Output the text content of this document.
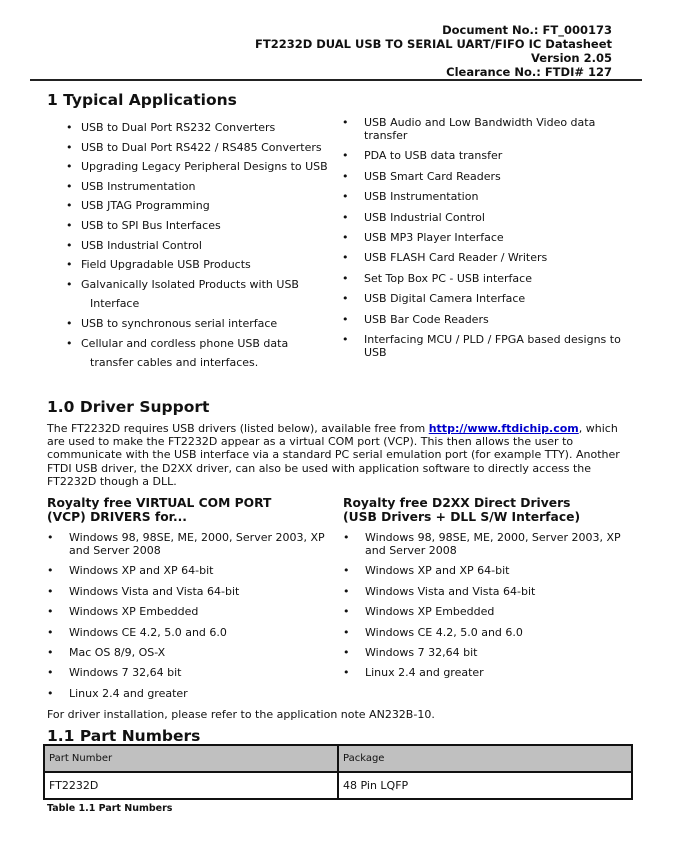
Document No.: FT_000173
FT2232D DUAL USB TO SERIAL UART/FIFO IC Datasheet
Version 2.05
Clearance No.: FTDI# 127
1 Typical Applications
• USB to Dual Port RS232 Converters
• USB to Dual Port RS422 / RS485 Converters
• Upgrading Legacy Peripheral Designs to USB
• USB Instrumentation
• USB JTAG Programming
• USB to SPI Bus Interfaces
• USB Industrial Control
• Field Upgradable USB Products
• Galvanically Isolated Products with USB
Interface
• USB to synchronous serial interface
• Cellular and cordless phone USB data
transfer cables and interfaces.
• USB Audio and Low Bandwidth Video data transfer
• PDA to USB data transfer
• USB Smart Card Readers
• USB Instrumentation
• USB Industrial Control
• USB MP3 Player Interface
• USB FLASH Card Reader / Writers
• Set Top Box PC - USB interface
• USB Digital Camera Interface
• USB Bar Code Readers
• Interfacing MCU / PLD / FPGA based designs to USB
1.0 Driver Support
The FT2232D requires USB drivers (listed below), available free from http://www.ftdichip.com, which are used to make the FT2232D appear as a virtual COM port (VCP). This then allows the user to communicate with the USB interface via a standard PC serial emulation port (for example TTY). Another FTDI USB driver, the D2XX driver, can also be used with application software to directly access the FT2232D though a DLL.
Royalty free VIRTUAL COM PORT
(VCP) DRIVERS for...
• Windows 98, 98SE, ME, 2000, Server 2003, XP and Server 2008
• Windows XP and XP 64-bit
• Windows Vista and Vista 64-bit
• Windows XP Embedded
• Windows CE 4.2, 5.0 and 6.0
• Mac OS 8/9, OS-X
• Windows 7 32,64 bit
• Linux 2.4 and greater
Royalty free D2XX Direct Drivers
(USB Drivers + DLL S/W Interface)
• Windows 98, 98SE, ME, 2000, Server 2003, XP and Server 2008
• Windows XP and XP 64-bit
• Windows Vista and Vista 64-bit
• Windows XP Embedded
• Windows CE 4.2, 5.0 and 6.0
• Windows 7 32,64 bit
• Linux 2.4 and greater
For driver installation, please refer to the application note AN232B-10.
1.1 Part Numbers
Part Number	Package
FT2232D	48 Pin LQFP
Table 1.1 Part Numbers
